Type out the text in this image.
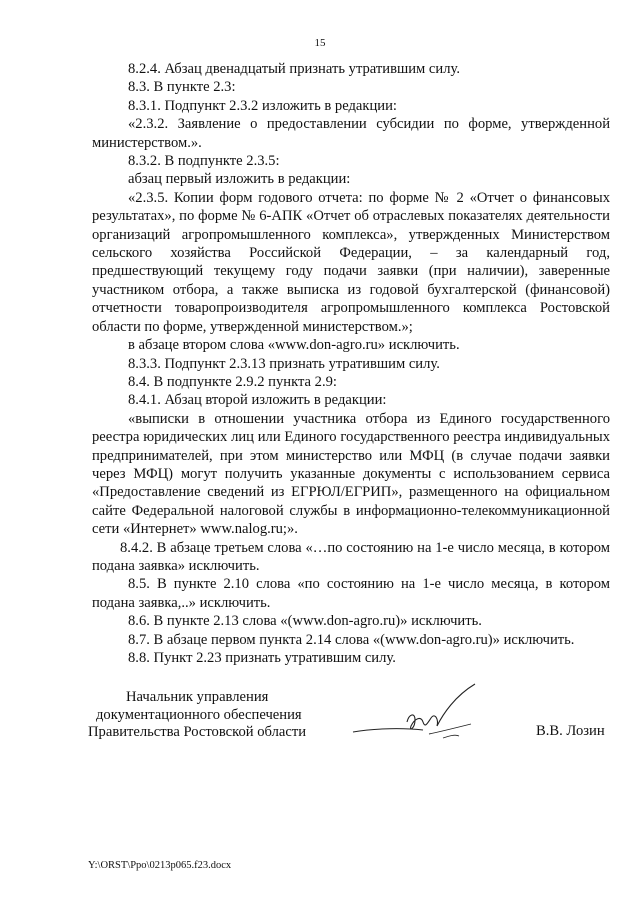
15

8.2.4. Абзац двенадцатый признать утратившим силу.

8.3. В пункте 2.3:

8.3.1. Подпункт 2.3.2 изложить в редакции:

«2.3.2. Заявление о предоставлении субсидии по форме, утвержденной министерством.».

8.3.2. В подпункте 2.3.5:

абзац первый изложить в редакции:

«2.3.5. Копии форм годового отчета: по форме № 2 «Отчет о финансовых результатах», по форме № 6-АПК «Отчет об отраслевых показателях деятельности организаций агропромышленного комплекса», утвержденных Министерством сельского хозяйства Российской Федерации, – за календарный год, предшествующий текущему году подачи заявки (при наличии), заверенные участником отбора, а также выписка из годовой бухгалтерской (финансовой) отчетности товаропроизводителя агропромышленного комплекса Ростовской области по форме, утвержденной министерством.»;

в абзаце втором слова «www.don-agro.ru» исключить.

8.3.3. Подпункт 2.3.13 признать утратившим силу.

8.4. В подпункте 2.9.2 пункта 2.9:

8.4.1. Абзац второй изложить в редакции:

«выписки в отношении участника отбора из Единого государственного реестра юридических лиц или Единого государственного реестра индивидуальных предпринимателей, при этом министерство или МФЦ (в случае подачи заявки через МФЦ) могут получить указанные документы с использованием сервиса «Предоставление сведений из ЕГРЮЛ/ЕГРИП», размещенного на официальном сайте Федеральной налоговой службы в информационно-телекоммуникационной сети «Интернет» www.nalog.ru;».

8.4.2. В абзаце третьем слова «…по состоянию на 1-е число месяца, в котором подана заявка» исключить.

8.5. В пункте 2.10 слова «по состоянию на 1-е число месяца, в котором подана заявка,..» исключить.

8.6. В пункте 2.13 слова «(www.don-agro.ru)» исключить.

8.7. В абзаце первом пункта 2.14 слова «(www.don-agro.ru)» исключить.

8.8. Пункт 2.23 признать утратившим силу.

Начальник управления
документационного обеспечения
Правительства Ростовской области	В.В. Лозин
Y:\ORST\Ppo\0213p065.f23.docx
